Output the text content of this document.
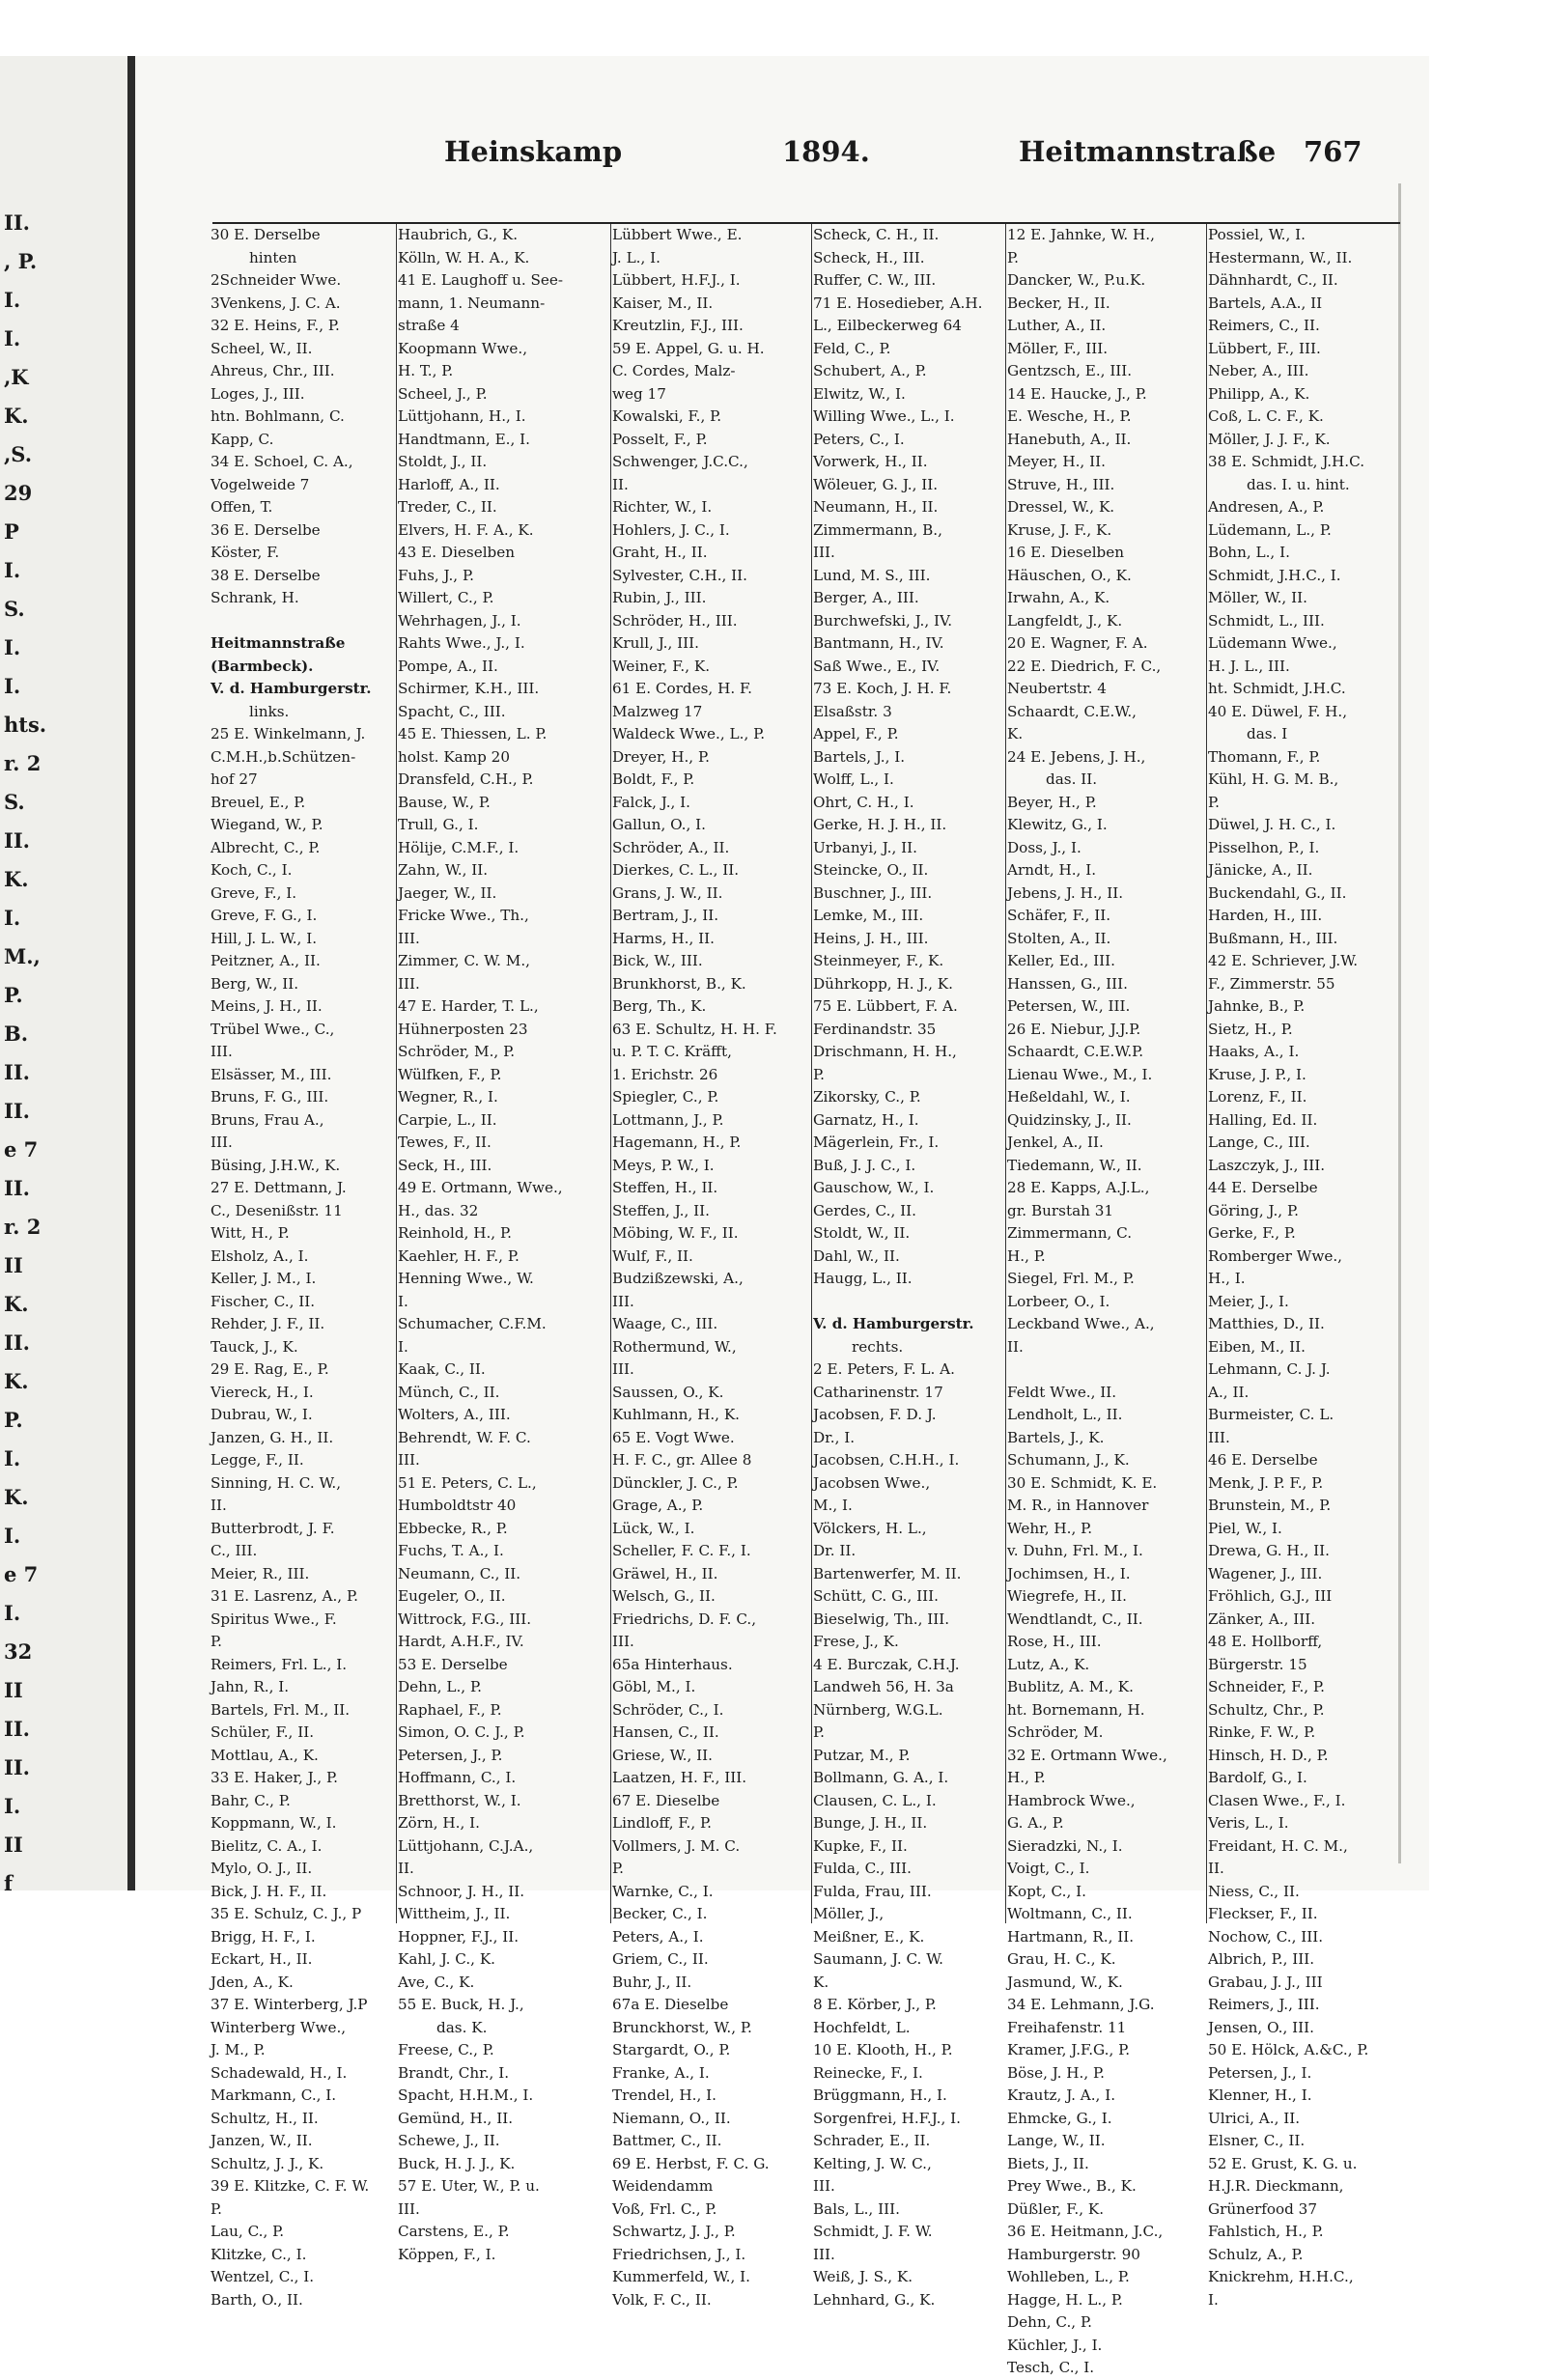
II.
, P.
I.
I.
,K
K.
,S.
29
P
I.
S.
I.
I.
hts.
r. 2
S.
II.
K.
I.
M.,
P.
B.
II.
II.
e 7
II.
r. 2
II
K.
II.
K.
P.
I.
K.
I.
e 7
I.
32
II
II.
II.
I.
II
f
Heinskamp	1894.	Heitmannstraße 767
30 E. Derselbe
hinten
2Schneider Wwe.
3Venkens, J. C. A.
32 E. Heins, F., P.
Scheel, W., II.
Ahreus, Chr., III.
Loges, J., III.
htn. Bohlmann, C.
Kapp, C.
34 E. Schoel, C. A.,
Vogelweide 7
Offen, T.
36 E. Derselbe
Köster, F.
38 E. Derselbe
Schrank, H.

Heitmannstraße
(Barmbeck).
V. d. Hamburgerstr.
links.
25 E. Winkelmann, J.
C.M.H.,b.Schützen-
hof 27
Breuel, E., P.
Wiegand, W., P.
Albrecht, C., P.
Koch, C., I.
Greve, F., I.
Greve, F. G., I.
Hill, J. L. W., I.
Peitzner, A., II.
Berg, W., II.
Meins, J. H., II.
Trübel Wwe., C.,
III.
Elsässer, M., III.
Bruns, F. G., III.
Bruns, Frau A.,
III.
Büsing, J.H.W., K.
27 E. Dettmann, J.
C., Desenißstr. 11
Witt, H., P.
Elsholz, A., I.
Keller, J. M., I.
Fischer, C., II.
Rehder, J. F., II.
Tauck, J., K.
29 E. Rag, E., P.
Viereck, H., I.
Dubrau, W., I.
Janzen, G. H., II.
Legge, F., II.
Sinning, H. C. W.,
II.
Butterbrodt, J. F.
C., III.
Meier, R., III.
31 E. Lasrenz, A., P.
Spiritus Wwe., F.
P.
Reimers, Frl. L., I.
Jahn, R., I.
Bartels, Frl. M., II.
Schüler, F., II.
Mottlau, A., K.
33 E. Haker, J., P.
Bahr, C., P.
Koppmann, W., I.
Bielitz, C. A., I.
Mylo, O. J., II.
Bick, J. H. F., II.
35 E. Schulz, C. J., P
Brigg, H. F., I.
Eckart, H., II.
Jden, A., K.
37 E. Winterberg, J.P
Winterberg Wwe.,
J. M., P.
Schadewald, H., I.
Markmann, C., I.
Schultz, H., II.
Janzen, W., II.
Schultz, J. J., K.
39 E. Klitzke, C. F. W.
P.
Lau, C., P.
Klitzke, C., I.
Wentzel, C., I.
Barth, O., II.
Haubrich, G., K.
Kölln, W. H. A., K.
41 E. Laughoff u. See-
mann, 1. Neumann-
straße 4
Koopmann Wwe.,
H. T., P.
Scheel, J., P.
Lüttjohann, H., I.
Handtmann, E., I.
Stoldt, J., II.
Harloff, A., II.
Treder, C., II.
Elvers, H. F. A., K.
43 E. Dieselben
Fuhs, J., P.
Willert, C., P.
Wehrhagen, J., I.
Rahts Wwe., J., I.
Pompe, A., II.
Schirmer, K.H., III.
Spacht, C., III.
45 E. Thiessen, L. P.
holst. Kamp 20
Dransfeld, C.H., P.
Bause, W., P.
Trull, G., I.
Hölije, C.M.F., I.
Zahn, W., II.
Jaeger, W., II.
Fricke Wwe., Th.,
III.
Zimmer, C. W. M.,
III.
47 E. Harder, T. L.,
Hühnerposten 23
Schröder, M., P.
Wülfken, F., P.
Wegner, R., I.
Carpie, L., II.
Tewes, F., II.
Seck, H., III.
49 E. Ortmann, Wwe.,
H., das. 32
Reinhold, H., P.
Kaehler, H. F., P.
Henning Wwe., W.
I.
Schumacher, C.F.M.
I.
Kaak, C., II.
Münch, C., II.
Wolters, A., III.
Behrendt, W. F. C.
III.
51 E. Peters, C. L.,
Humboldtstr 40
Ebbecke, R., P.
Fuchs, T. A., I.
Neumann, C., II.
Eugeler, O., II.
Wittrock, F.G., III.
Hardt, A.H.F., IV.
53 E. Derselbe
Dehn, L., P.
Raphael, F., P.
Simon, O. C. J., P.
Petersen, J., P.
Hoffmann, C., I.
Bretthorst, W., I.
Zörn, H., I.
Lüttjohann, C.J.A.,
II.
Schnoor, J. H., II.
Wittheim, J., II.
Hoppner, F.J., II.
Kahl, J. C., K.
Ave, C., K.
55 E. Buck, H. J.,
das. K.
Freese, C., P.
Brandt, Chr., I.
Spacht, H.H.M., I.
Gemünd, H., II.
Schewe, J., II.
Buck, H. J. J., K.
57 E. Uter, W., P. u.
III.
Carstens, E., P.
Köppen, F., I.
Lübbert Wwe., E.
J. L., I.
Lübbert, H.F.J., I.
Kaiser, M., II.
Kreutzlin, F.J., III.
59 E. Appel, G. u. H.
C. Cordes, Malz-
weg 17
Kowalski, F., P.
Posselt, F., P.
Schwenger, J.C.C.,
II.
Richter, W., I.
Hohlers, J. C., I.
Graht, H., II.
Sylvester, C.H., II.
Rubin, J., III.
Schröder, H., III.
Krull, J., III.
Weiner, F., K.
61 E. Cordes, H. F.
Malzweg 17
Waldeck Wwe., L., P.
Dreyer, H., P.
Boldt, F., P.
Falck, J., I.
Gallun, O., I.
Schröder, A., II.
Dierkes, C. L., II.
Grans, J. W., II.
Bertram, J., II.
Harms, H., II.
Bick, W., III.
Brunkhorst, B., K.
Berg, Th., K.
63 E. Schultz, H. H. F.
u. P. T. C. Kräfft,
1. Erichstr. 26
Spiegler, C., P.
Lottmann, J., P.
Hagemann, H., P.
Meys, P. W., I.
Steffen, H., II.
Steffen, J., II.
Möbing, W. F., II.
Wulf, F., II.
Budzißzewski, A.,
III.
Waage, C., III.
Rothermund, W.,
III.
Saussen, O., K.
Kuhlmann, H., K.
65 E. Vogt Wwe.
H. F. C., gr. Allee 8
Dünckler, J. C., P.
Grage, A., P.
Lück, W., I.
Scheller, F. C. F., I.
Gräwel, H., II.
Welsch, G., II.
Friedrichs, D. F. C.,
III.
65a Hinterhaus.
Göbl, M., I.
Schröder, C., I.
Hansen, C., II.
Griese, W., II.
Laatzen, H. F., III.
67 E. Dieselbe
Lindloff, F., P.
Vollmers, J. M. C.
P.
Warnke, C., I.
Becker, C., I.
Peters, A., I.
Griem, C., II.
Buhr, J., II.
67a E. Dieselbe
Brunckhorst, W., P.
Stargardt, O., P.
Franke, A., I.
Trendel, H., I.
Niemann, O., II.
Battmer, C., II.
69 E. Herbst, F. C. G.
Weidendamm
Voß, Frl. C., P.
Schwartz, J. J., P.
Friedrichsen, J., I.
Kummerfeld, W., I.
Volk, F. C., II.
Scheck, C. H., II.
Scheck, H., III.
Ruffer, C. W., III.
71 E. Hosedieber, A.H.
L., Eilbeckerweg 64
Feld, C., P.
Schubert, A., P.
Elwitz, W., I.
Willing Wwe., L., I.
Peters, C., I.
Vorwerk, H., II.
Wöleuer, G. J., II.
Neumann, H., II.
Zimmermann, B.,
III.
Lund, M. S., III.
Berger, A., III.
Burchwefski, J., IV.
Bantmann, H., IV.
Saß Wwe., E., IV.
73 E. Koch, J. H. F.
Elsaßstr. 3
Appel, F., P.
Bartels, J., I.
Wolff, L., I.
Ohrt, C. H., I.
Gerke, H. J. H., II.
Urbanyi, J., II.
Steincke, O., II.
Buschner, J., III.
Lemke, M., III.
Heins, J. H., III.
Steinmeyer, F., K.
Dührkopp, H. J., K.
75 E. Lübbert, F. A.
Ferdinandstr. 35
Drischmann, H. H.,
P.
Zikorsky, C., P.
Garnatz, H., I.
Mägerlein, Fr., I.
Buß, J. J. C., I.
Gauschow, W., I.
Gerdes, C., II.
Stoldt, W., II.
Dahl, W., II.
Haugg, L., II.

V. d. Hamburgerstr.
rechts.
2 E. Peters, F. L. A.
Catharinenstr. 17
Jacobsen, F. D. J.
Dr., I.
Jacobsen, C.H.H., I.
Jacobsen Wwe.,
M., I.
Völckers, H. L.,
Dr. II.
Bartenwerfer, M. II.
Schütt, C. G., III.
Bieselwig, Th., III.
Frese, J., K.
4 E. Burczak, C.H.J.
Landweh 56, H. 3a
Nürnberg, W.G.L.
P.
Putzar, M., P.
Bollmann, G. A., I.
Clausen, C. L., I.
Bunge, J. H., II.
Kupke, F., II.
Fulda, C., III.
Fulda, Frau, III.
Möller, J.,
Meißner, E., K.
Saumann, J. C. W.
K.
8 E. Körber, J., P.
Hochfeldt, L.
10 E. Klooth, H., P.
Reinecke, F., I.
Brüggmann, H., I.
Sorgenfrei, H.F.J., I.
Schrader, E., II.
Kelting, J. W. C.,
III.
Bals, L., III.
Schmidt, J. F. W.
III.
Weiß, J. S., K.
Lehnhard, G., K.
12 E. Jahnke, W. H.,
P.
Dancker, W., P.u.K.
Becker, H., II.
Luther, A., II.
Möller, F., III.
Gentzsch, E., III.
14 E. Haucke, J., P.
E. Wesche, H., P.
Hanebuth, A., II.
Meyer, H., II.
Struve, H., III.
Dressel, W., K.
Kruse, J. F., K.
16 E. Dieselben
Häuschen, O., K.
Irwahn, A., K.
Langfeldt, J., K.
20 E. Wagner, F. A.
22 E. Diedrich, F. C.,
Neubertstr. 4
Schaardt, C.E.W.,
K.
24 E. Jebens, J. H.,
das. II.
Beyer, H., P.
Klewitz, G., I.
Doss, J., I.
Arndt, H., I.
Jebens, J. H., II.
Schäfer, F., II.
Stolten, A., II.
Keller, Ed., III.
Hanssen, G., III.
Petersen, W., III.
26 E. Niebur, J.J.P.
Schaardt, C.E.W.P.
Lienau Wwe., M., I.
Heßeldahl, W., I.
Quidzinsky, J., II.
Jenkel, A., II.
Tiedemann, W., II.
28 E. Kapps, A.J.L.,
gr. Burstah 31
Zimmermann, C.
H., P.
Siegel, Frl. M., P.
Lorbeer, O., I.
Leckband Wwe., A.,
II.

Feldt Wwe., II.
Lendholt, L., II.
Bartels, J., K.
Schumann, J., K.
30 E. Schmidt, K. E.
M. R., in Hannover
Wehr, H., P.
v. Duhn, Frl. M., I.
Jochimsen, H., I.
Wiegrefe, H., II.
Wendtlandt, C., II.
Rose, H., III.
Lutz, A., K.
Bublitz, A. M., K.
ht. Bornemann, H.
Schröder, M.
32 E. Ortmann Wwe.,
H., P.
Hambrock Wwe.,
G. A., P.
Sieradzki, N., I.
Voigt, C., I.
Kopt, C., I.
Woltmann, C., II.
Hartmann, R., II.
Grau, H. C., K.
Jasmund, W., K.
34 E. Lehmann, J.G.
Freihafenstr. 11
Kramer, J.F.G., P.
Böse, J. H., P.
Krautz, J. A., I.
Ehmcke, G., I.
Lange, W., II.
Biets, J., II.
Prey Wwe., B., K.
Düßler, F., K.
36 E. Heitmann, J.C.,
Hamburgerstr. 90
Wohlleben, L., P.
Hagge, H. L., P.
Dehn, C., P.
Küchler, J., I.
Tesch, C., I.
Possiel, W., I.
Hestermann, W., II.
Dähnhardt, C., II.
Bartels, A.A., II
Reimers, C., II.
Lübbert, F., III.
Neber, A., III.
Philipp, A., K.
Coß, L. C. F., K.
Möller, J. J. F., K.
38 E. Schmidt, J.H.C.
das. I. u. hint.
Andresen, A., P.
Lüdemann, L., P.
Bohn, L., I.
Schmidt, J.H.C., I.
Möller, W., II.
Schmidt, L., III.
Lüdemann Wwe.,
H. J. L., III.
ht. Schmidt, J.H.C.
40 E. Düwel, F. H.,
das. I
Thomann, F., P.
Kühl, H. G. M. B.,
P.
Düwel, J. H. C., I.
Pisselhon, P., I.
Jänicke, A., II.
Buckendahl, G., II.
Harden, H., III.
Bußmann, H., III.
42 E. Schriever, J.W.
F., Zimmerstr. 55
Jahnke, B., P.
Sietz, H., P.
Haaks, A., I.
Kruse, J. P., I.
Lorenz, F., II.
Halling, Ed. II.
Lange, C., III.
Laszczyk, J., III.
44 E. Derselbe
Göring, J., P.
Gerke, F., P.
Romberger Wwe.,
H., I.
Meier, J., I.
Matthies, D., II.
Eiben, M., II.
Lehmann, C. J. J.
A., II.
Burmeister, C. L.
III.
46 E. Derselbe
Menk, J. P. F., P.
Brunstein, M., P.
Piel, W., I.
Drewa, G. H., II.
Wagener, J., III.
Fröhlich, G.J., III
Zänker, A., III.
48 E. Hollborff,
Bürgerstr. 15
Schneider, F., P.
Schultz, Chr., P.
Rinke, F. W., P.
Hinsch, H. D., P.
Bardolf, G., I.
Clasen Wwe., F., I.
Veris, L., I.
Freidant, H. C. M.,
II.
Niess, C., II.
Fleckser, F., II.
Nochow, C., III.
Albrich, P., III.
Grabau, J. J., III
Reimers, J., III.
Jensen, O., III.
50 E. Hölck, A.&C., P.
Petersen, J., I.
Klenner, H., I.
Ulrici, A., II.
Elsner, C., II.
52 E. Grust, K. G. u.
H.J.R. Dieckmann,
Grünerfood 37
Fahlstich, H., P.
Schulz, A., P.
Knickrehm, H.H.C.,
I.
